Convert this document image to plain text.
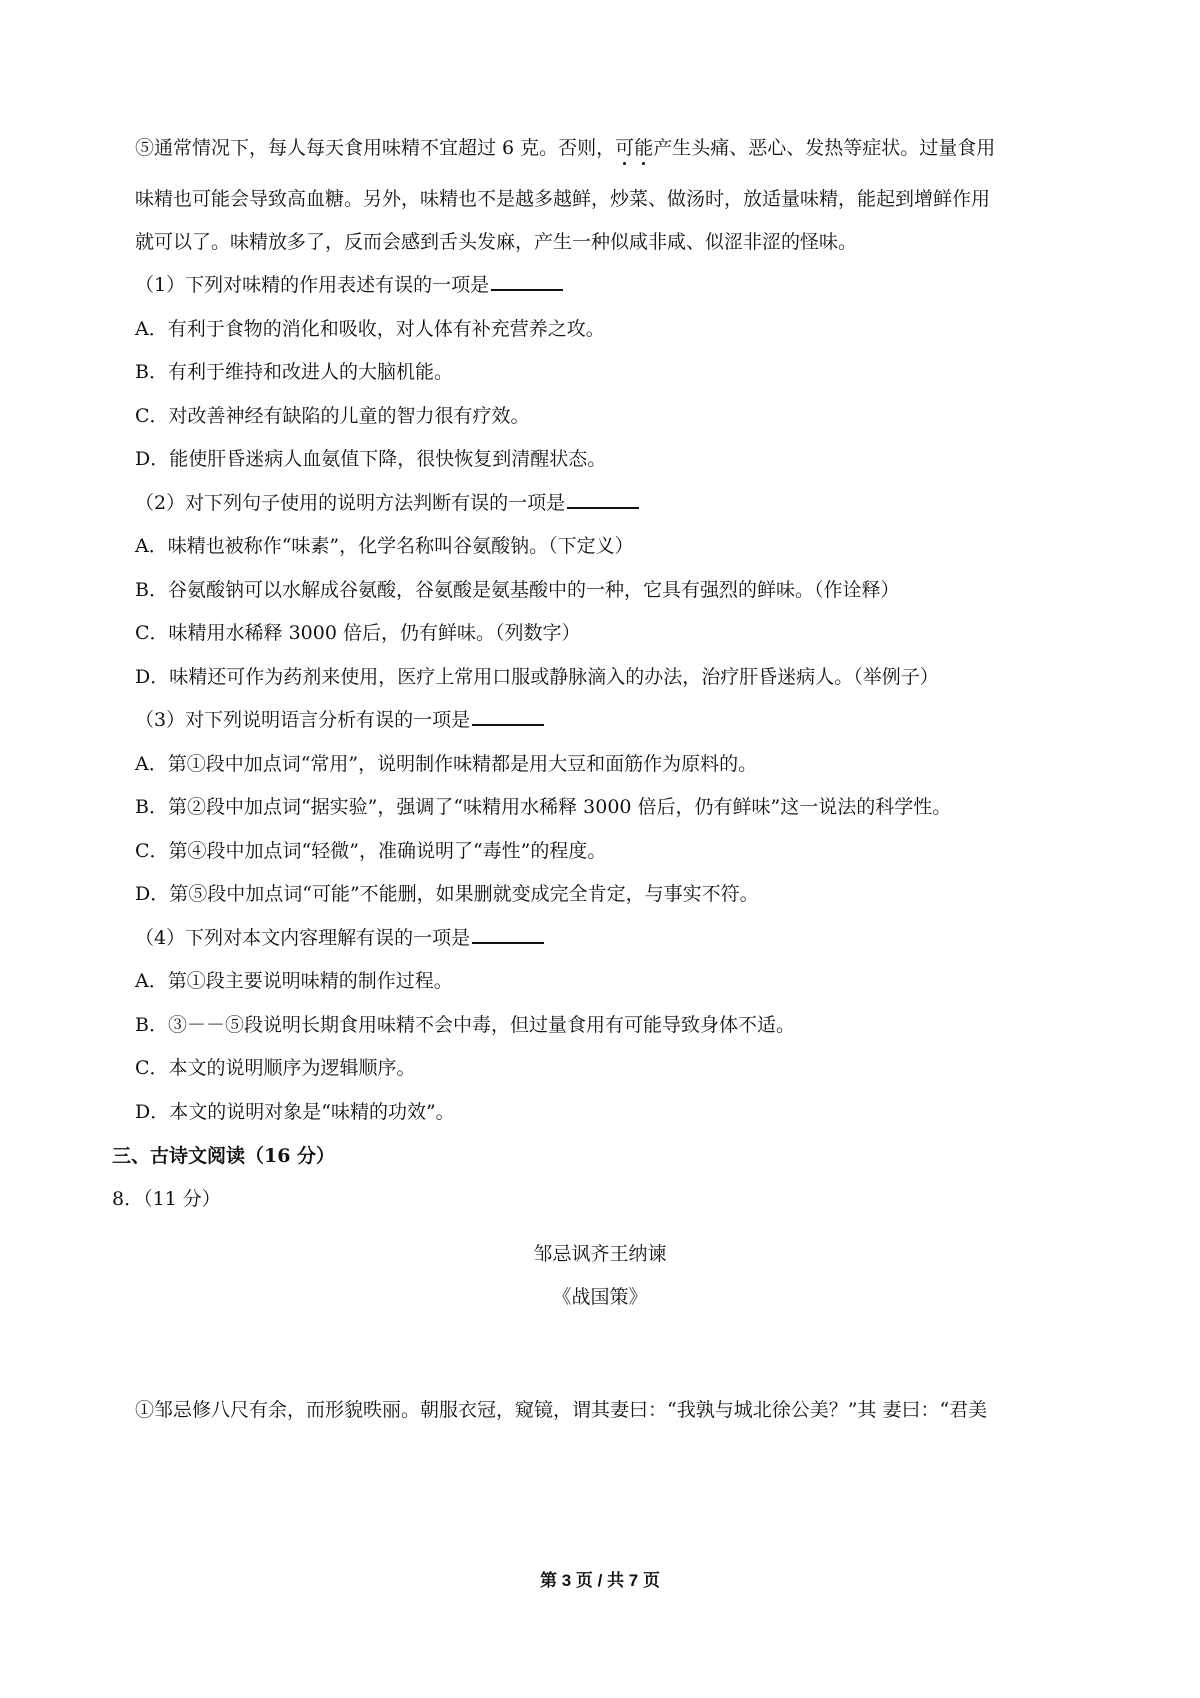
⑤通常情况下，每人每天食用味精不宜超过 6 克。否则，可能产生头痛、恶心、发热等症状。过量食用
味精也可能会导致高血糖。另外，味精也不是越多越鲜，炒菜、做汤时，放适量味精，能起到增鲜作用
就可以了。味精放多了，反而会感到舌头发麻，产生一种似咸非咸、似涩非涩的怪味。
（1）下列对味精的作用表述有误的一项是
A．有利于食物的消化和吸收，对人体有补充营养之攻。
B．有利于维持和改进人的大脑机能。
C．对改善神经有缺陷的儿童的智力很有疗效。
D．能使肝昏迷病人血氨值下降，很快恢复到清醒状态。
（2）对下列句子使用的说明方法判断有误的一项是
A．味精也被称作“味素”，化学名称叫谷氨酸钠。（下定义）
B．谷氨酸钠可以水解成谷氨酸，谷氨酸是氨基酸中的一种，它具有强烈的鲜味。（作诠释）
C．味精用水稀释 3000 倍后，仍有鲜味。（列数字）
D．味精还可作为药剂来使用，医疗上常用口服或静脉滴入的办法，治疗肝昏迷病人。（举例子）
（3）对下列说明语言分析有误的一项是
A．第①段中加点词“常用”，说明制作味精都是用大豆和面筋作为原料的。
B．第②段中加点词“据实验”，强调了“味精用水稀释 3000 倍后，仍有鲜味”这一说法的科学性。
C．第④段中加点词“轻微”，准确说明了“毒性”的程度。
D．第⑤段中加点词“可能”不能删，如果删就变成完全肯定，与事实不符。
（4）下列对本文内容理解有误的一项是
A．第①段主要说明味精的制作过程。
B．③－－⑤段说明长期食用味精不会中毒，但过量食用有可能导致身体不适。
C．本文的说明顺序为逻辑顺序。
D．本文的说明对象是“味精的功效”。
三、古诗文阅读（16 分）
8．（11 分）
邹忌讽齐王纳谏
《战国策》
①邹忌修八尺有余，而形貌昳丽。朝服衣冠，窥镜，谓其妻曰：“我孰与城北徐公美？”其 妻曰：“君美
第 3 页 / 共 7 页
